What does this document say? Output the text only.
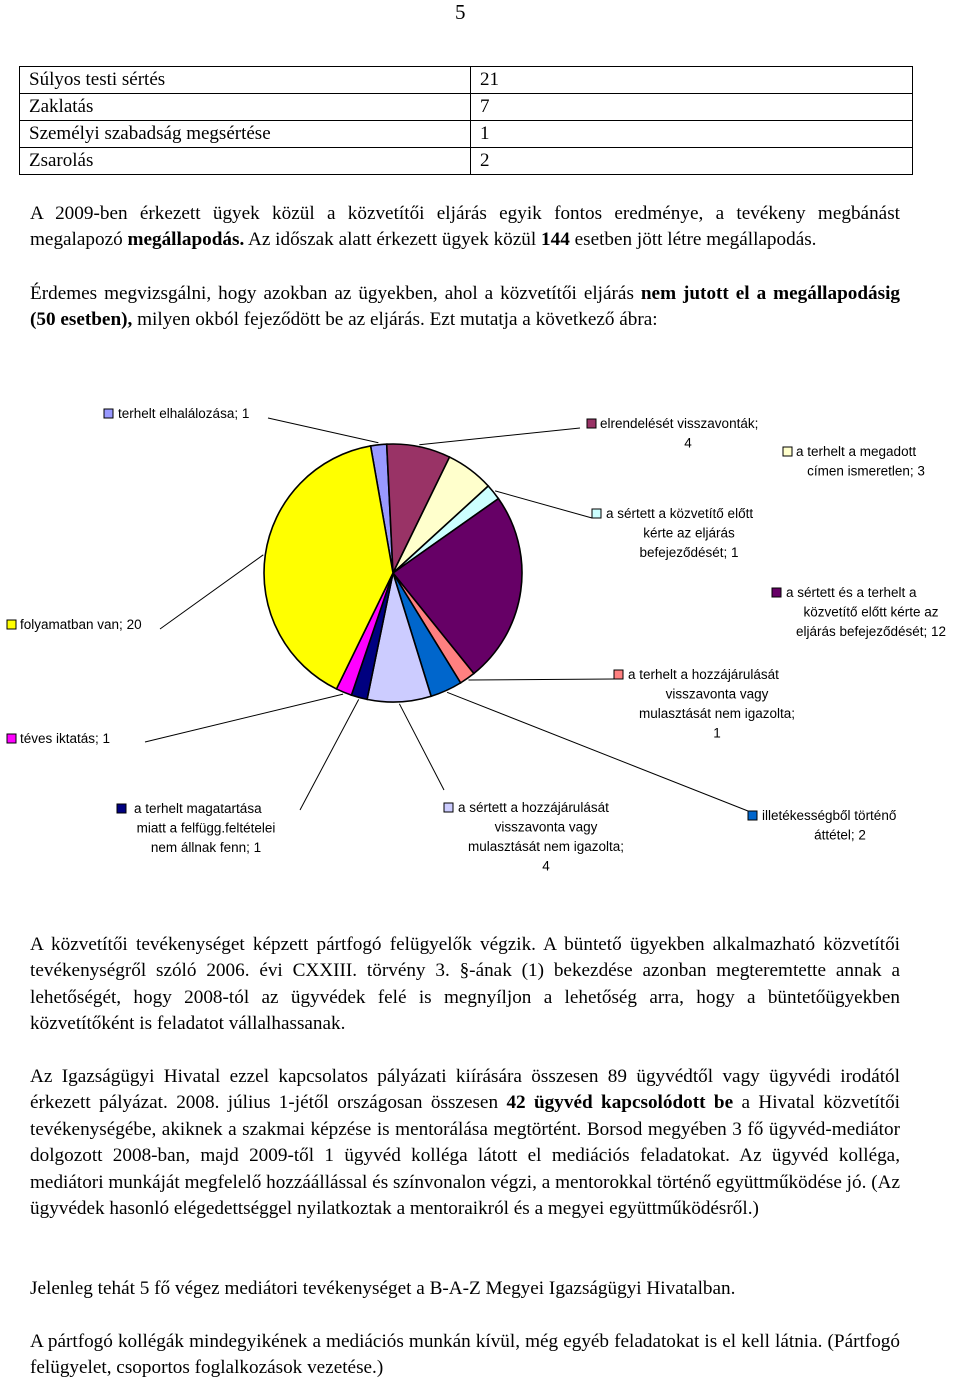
5
Súlyos testi sértés	21
Zaklatás	7
Személyi szabadság megsértése	1
Zsarolás	2

A 2009-ben érkezett ügyek közül a közvetítői eljárás egyik fontos eredménye, a tevékeny megbánást megalapozó megállapodás. Az időszak alatt érkezett ügyek közül 144 esetben jött létre megállapodás.

Érdemes megvizsgálni, hogy azokban az ügyekben, ahol a közvetítői eljárás nem jutott el a megállapodásig (50 esetben), milyen okból fejeződött be az eljárás. Ezt mutatja a következő ábra:

terhelt elhalálozása; 1
elrendelését visszavonták; 4
a terhelt a megadott címen ismeretlen; 3
a sértett a közvetítő előtt kérte az eljárás befejeződését; 1
a sértett és a terhelt a közvetítő előtt kérte az eljárás befejeződését; 12
a terhelt a hozzájárulását visszavonta vagy mulasztását nem igazolta; 1
illetékességből történő áttétel; 2
a sértett a hozzájárulását visszavonta vagy mulasztását nem igazolta; 4
a terhelt magatartása miatt a felfügg.feltételei nem állnak fenn; 1
téves iktatás; 1
folyamatban van; 20

A közvetítői tevékenységet képzett pártfogó felügyelők végzik. A büntető ügyekben alkalmazható közvetítői tevékenységről szóló 2006. évi CXXIII. törvény 3. §-ának (1) bekezdése azonban megteremtette annak a lehetőségét, hogy 2008-tól az ügyvédek felé is megnyíljon a lehetőség arra, hogy a büntetőügyekben közvetítőként is feladatot vállalhassanak.

Az Igazságügyi Hivatal ezzel kapcsolatos pályázati kiírására összesen 89 ügyvédtől vagy ügyvédi irodától érkezett pályázat. 2008. július 1-jétől országosan összesen 42 ügyvéd kapcsolódott be a Hivatal közvetítői tevékenységébe, akiknek a szakmai képzése is mentorálása megtörtént. Borsod megyében 3 fő ügyvéd-mediátor dolgozott 2008-ban, majd 2009-től 1 ügyvéd kolléga látott el mediációs feladatokat. Az ügyvéd kolléga, mediátori munkáját megfelelő hozzáállással és színvonalon végzi, a mentorokkal történő együttműködése jó. (Az ügyvédek hasonló elégedettséggel nyilatkoztak a mentoraikról és a megyei együttműködésről.)

Jelenleg tehát 5 fő végez mediátori tevékenységet a B-A-Z Megyei Igazságügyi Hivatalban.

A pártfogó kollégák mindegyikének a mediációs munkán kívül, még egyéb feladatokat is el kell látnia. (Pártfogó felügyelet, csoportos foglalkozások vezetése.)
